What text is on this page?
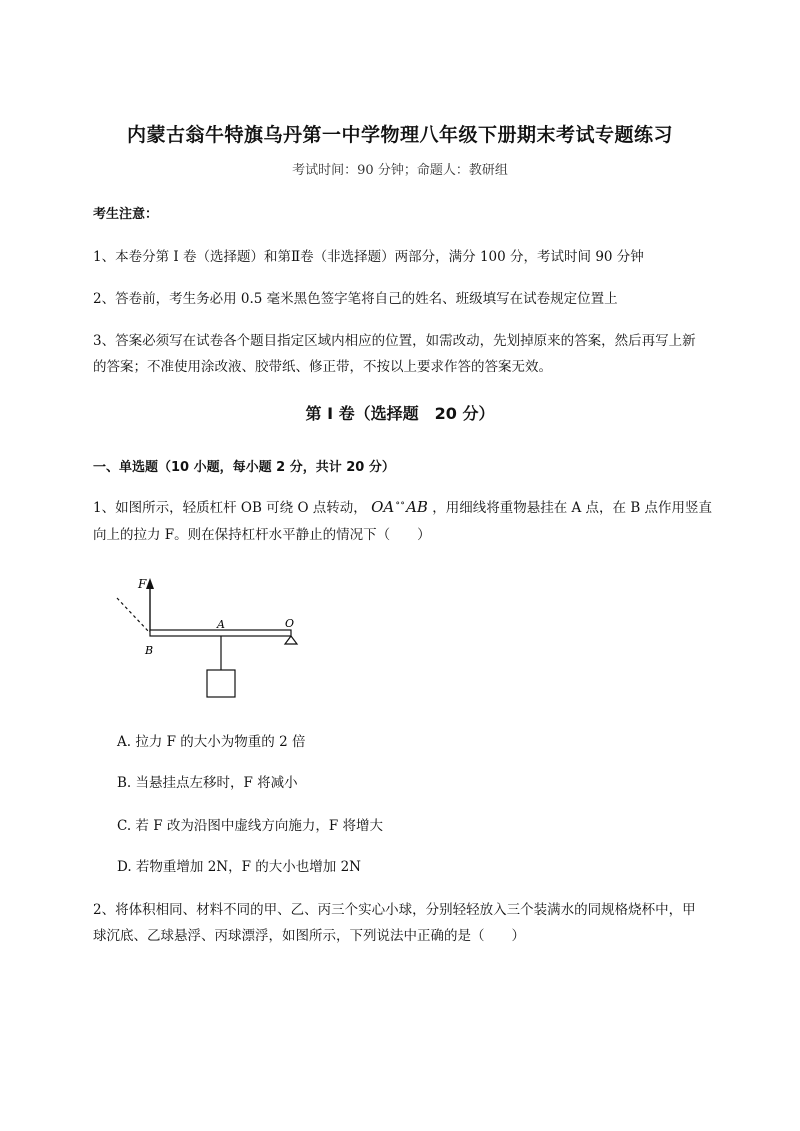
内蒙古翁牛特旗乌丹第一中学物理八年级下册期末考试专题练习
考试时间：90 分钟；命题人：教研组
考生注意：
1、本卷分第 I 卷（选择题）和第Ⅱ卷（非选择题）两部分，满分 100 分，考试时间 90 分钟
2、答卷前，考生务必用 0.5 毫米黑色签字笔将自己的姓名、班级填写在试卷规定位置上
3、答案必须写在试卷各个题目指定区域内相应的位置，如需改动，先划掉原来的答案，然后再写上新
的答案；不准使用涂改液、胶带纸、修正带，不按以上要求作答的答案无效。
第 I 卷（选择题　20 分）
一、单选题（10 小题，每小题 2 分，共计 20 分）
1、如图所示，轻质杠杆 OB 可绕 O 点转动， OA∘∘AB ，用细线将重物悬挂在 A 点，在 B 点作用竖直
向上的拉力 F。则在保持杠杆水平静止的情况下（　　）
F
A	O
B
A. 拉力 F 的大小为物重的 2 倍
B. 当悬挂点左移时，F 将减小
C. 若 F 改为沿图中虚线方向施力，F 将增大
D. 若物重增加 2N，F 的大小也增加 2N
2、将体积相同、材料不同的甲、乙、丙三个实心小球，分别轻轻放入三个装满水的同规格烧杯中，甲
球沉底、乙球悬浮、丙球漂浮，如图所示，下列说法中正确的是（　　）
